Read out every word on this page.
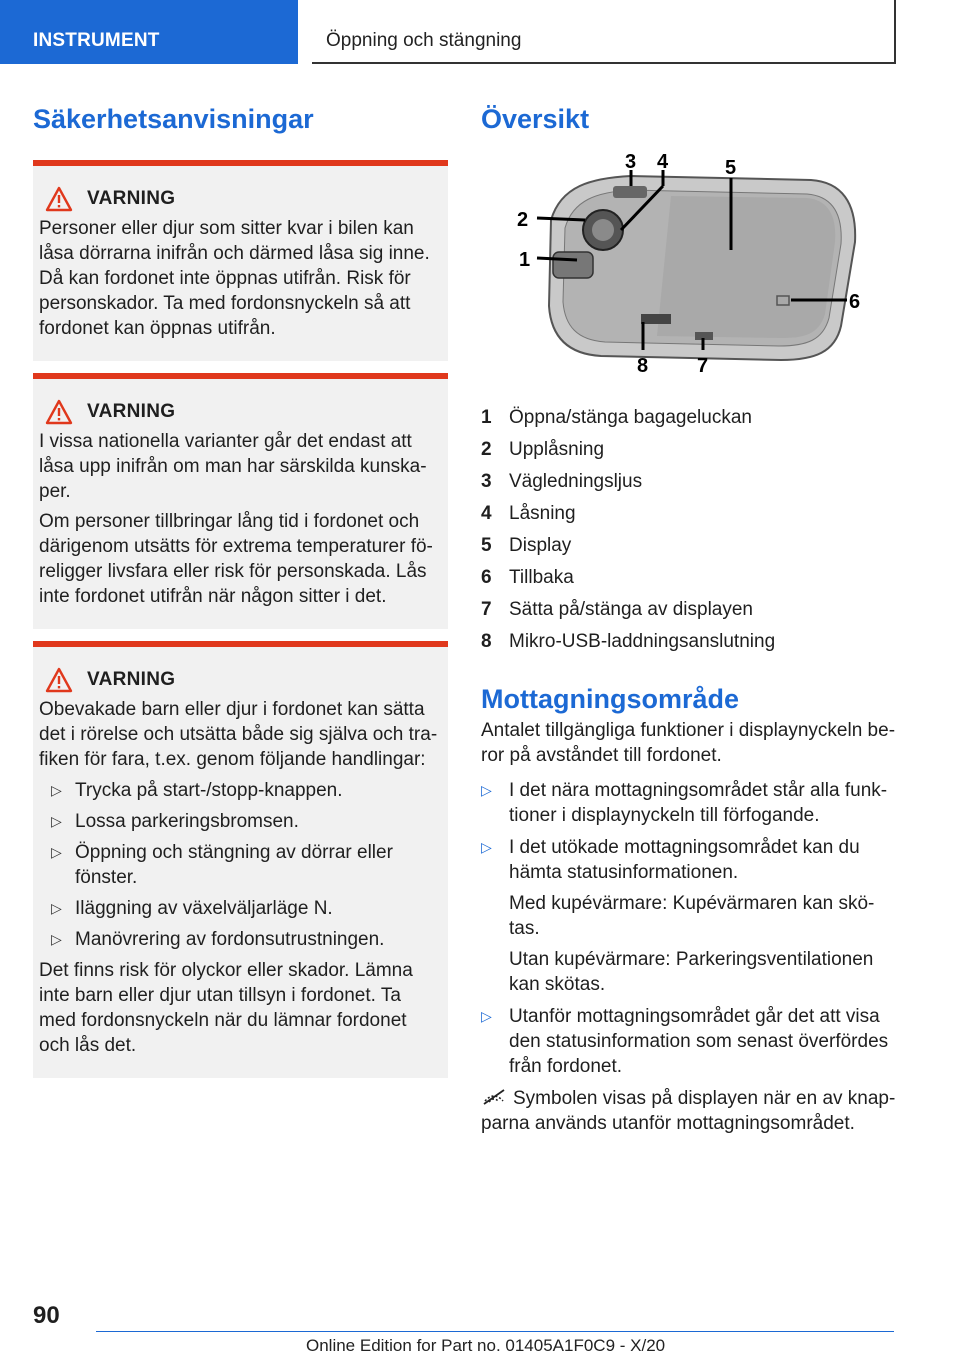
INSTRUMENT	Öppning och stängning
Säkerhetsanvisningar
VARNING

Personer eller djur som sitter kvar i bilen kan låsa dörrarna inifrån och därmed låsa sig inne. Då kan fordonet inte öppnas utifrån. Risk för personskador. Ta med fordonsnyckeln så att fordonet kan öppnas utifrån.

VARNING

I vissa nationella varianter går det endast att låsa upp inifrån om man har särskilda kunska-per.

Om personer tillbringar lång tid i fordonet och därigenom utsätts för extrema temperaturer fö-religger livsfara eller risk för personskada. Lås inte fordonet utifrån när någon sitter i det.

VARNING

Obevakade barn eller djur i fordonet kan sätta det i rörelse och utsätta både sig själva och tra-fiken för fara, t.ex. genom följande handlingar:

▷ Trycka på start-/stopp-knappen.
▷ Lossa parkeringsbromsen.
▷ Öppning och stängning av dörrar eller fönster.
▷ Iläggning av växelväljarläge N.
▷ Manövrering av fordonsutrustningen.

Det finns risk för olyckor eller skador. Lämna inte barn eller djur utan tillsyn i fordonet. Ta med fordonsnyckeln när du lämnar fordonet och lås det.

Översikt
3 4	5
2
1
6
8 7
1 Öppna/stänga bagageluckan
2 Upplåsning
3 Vägledningsljus
4 Låsning
5 Display
6 Tillbaka
7 Sätta på/stänga av displayen
8 Mikro-USB-laddningsanslutning
Mottagningsområde

Antalet tillgängliga funktioner i displaynyckeln be-ror på avståndet till fordonet.

▷ I det nära mottagningsområdet står alla funk-tioner i displaynyckeln till förfogande.
▷ I det utökade mottagningsområdet kan du hämta statusinformationen.

Med kupévärmare: Kupévärmaren kan skö-tas.

Utan kupévärmare: Parkeringsventilationen kan skötas.

▷ Utanför mottagningsområdet går det att visa den statusinformation som senast överfördes från fordonet.

Symbolen visas på displayen när en av knap-parna används utanför mottagningsområdet.

90
Online Edition for Part no. 01405A1F0C9 - X/20
